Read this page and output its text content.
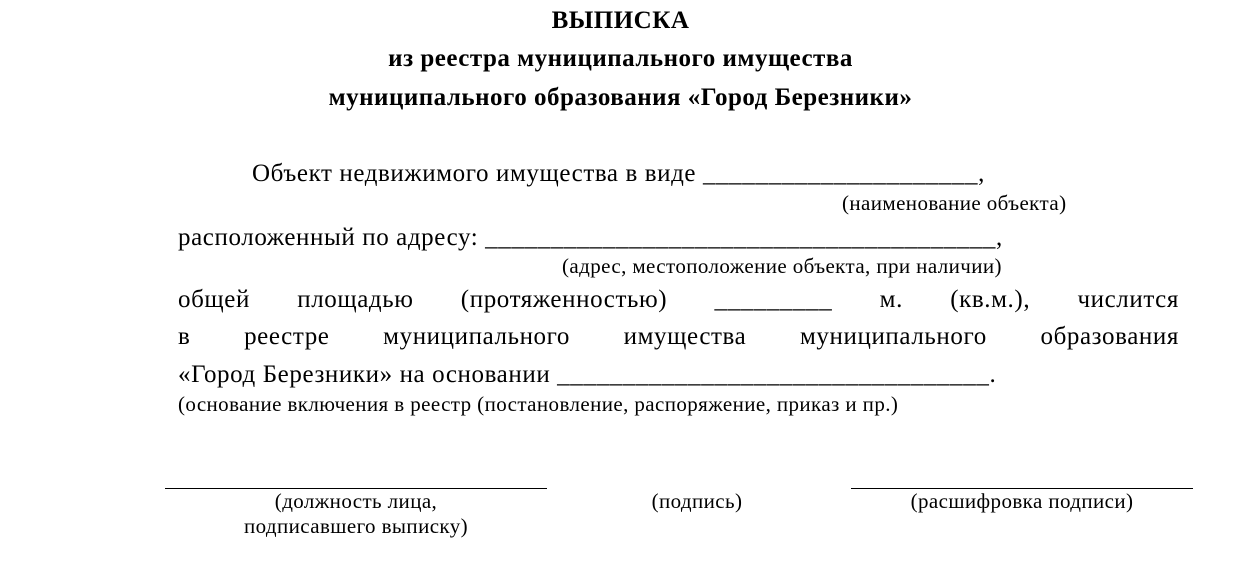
ВЫПИСКА
из реестра муниципального имущества
муниципального образования «Город Березники»
Объект недвижимого имущества в виде _____________________,
(наименование объекта)
расположенный по адресу: _______________________________________,
(адрес, местоположение объекта, при наличии)
общей площадью (протяженностью) _________ м. (кв.м.), числится
в реестре муниципального имущества муниципального образования
«Город Березники» на основании _________________________________.
(основание включения в реестр (постановление, распоряжение, приказ и пр.)
(должность лица,
подписавшего выписку)
(подпись)	(расшифровка подписи)
